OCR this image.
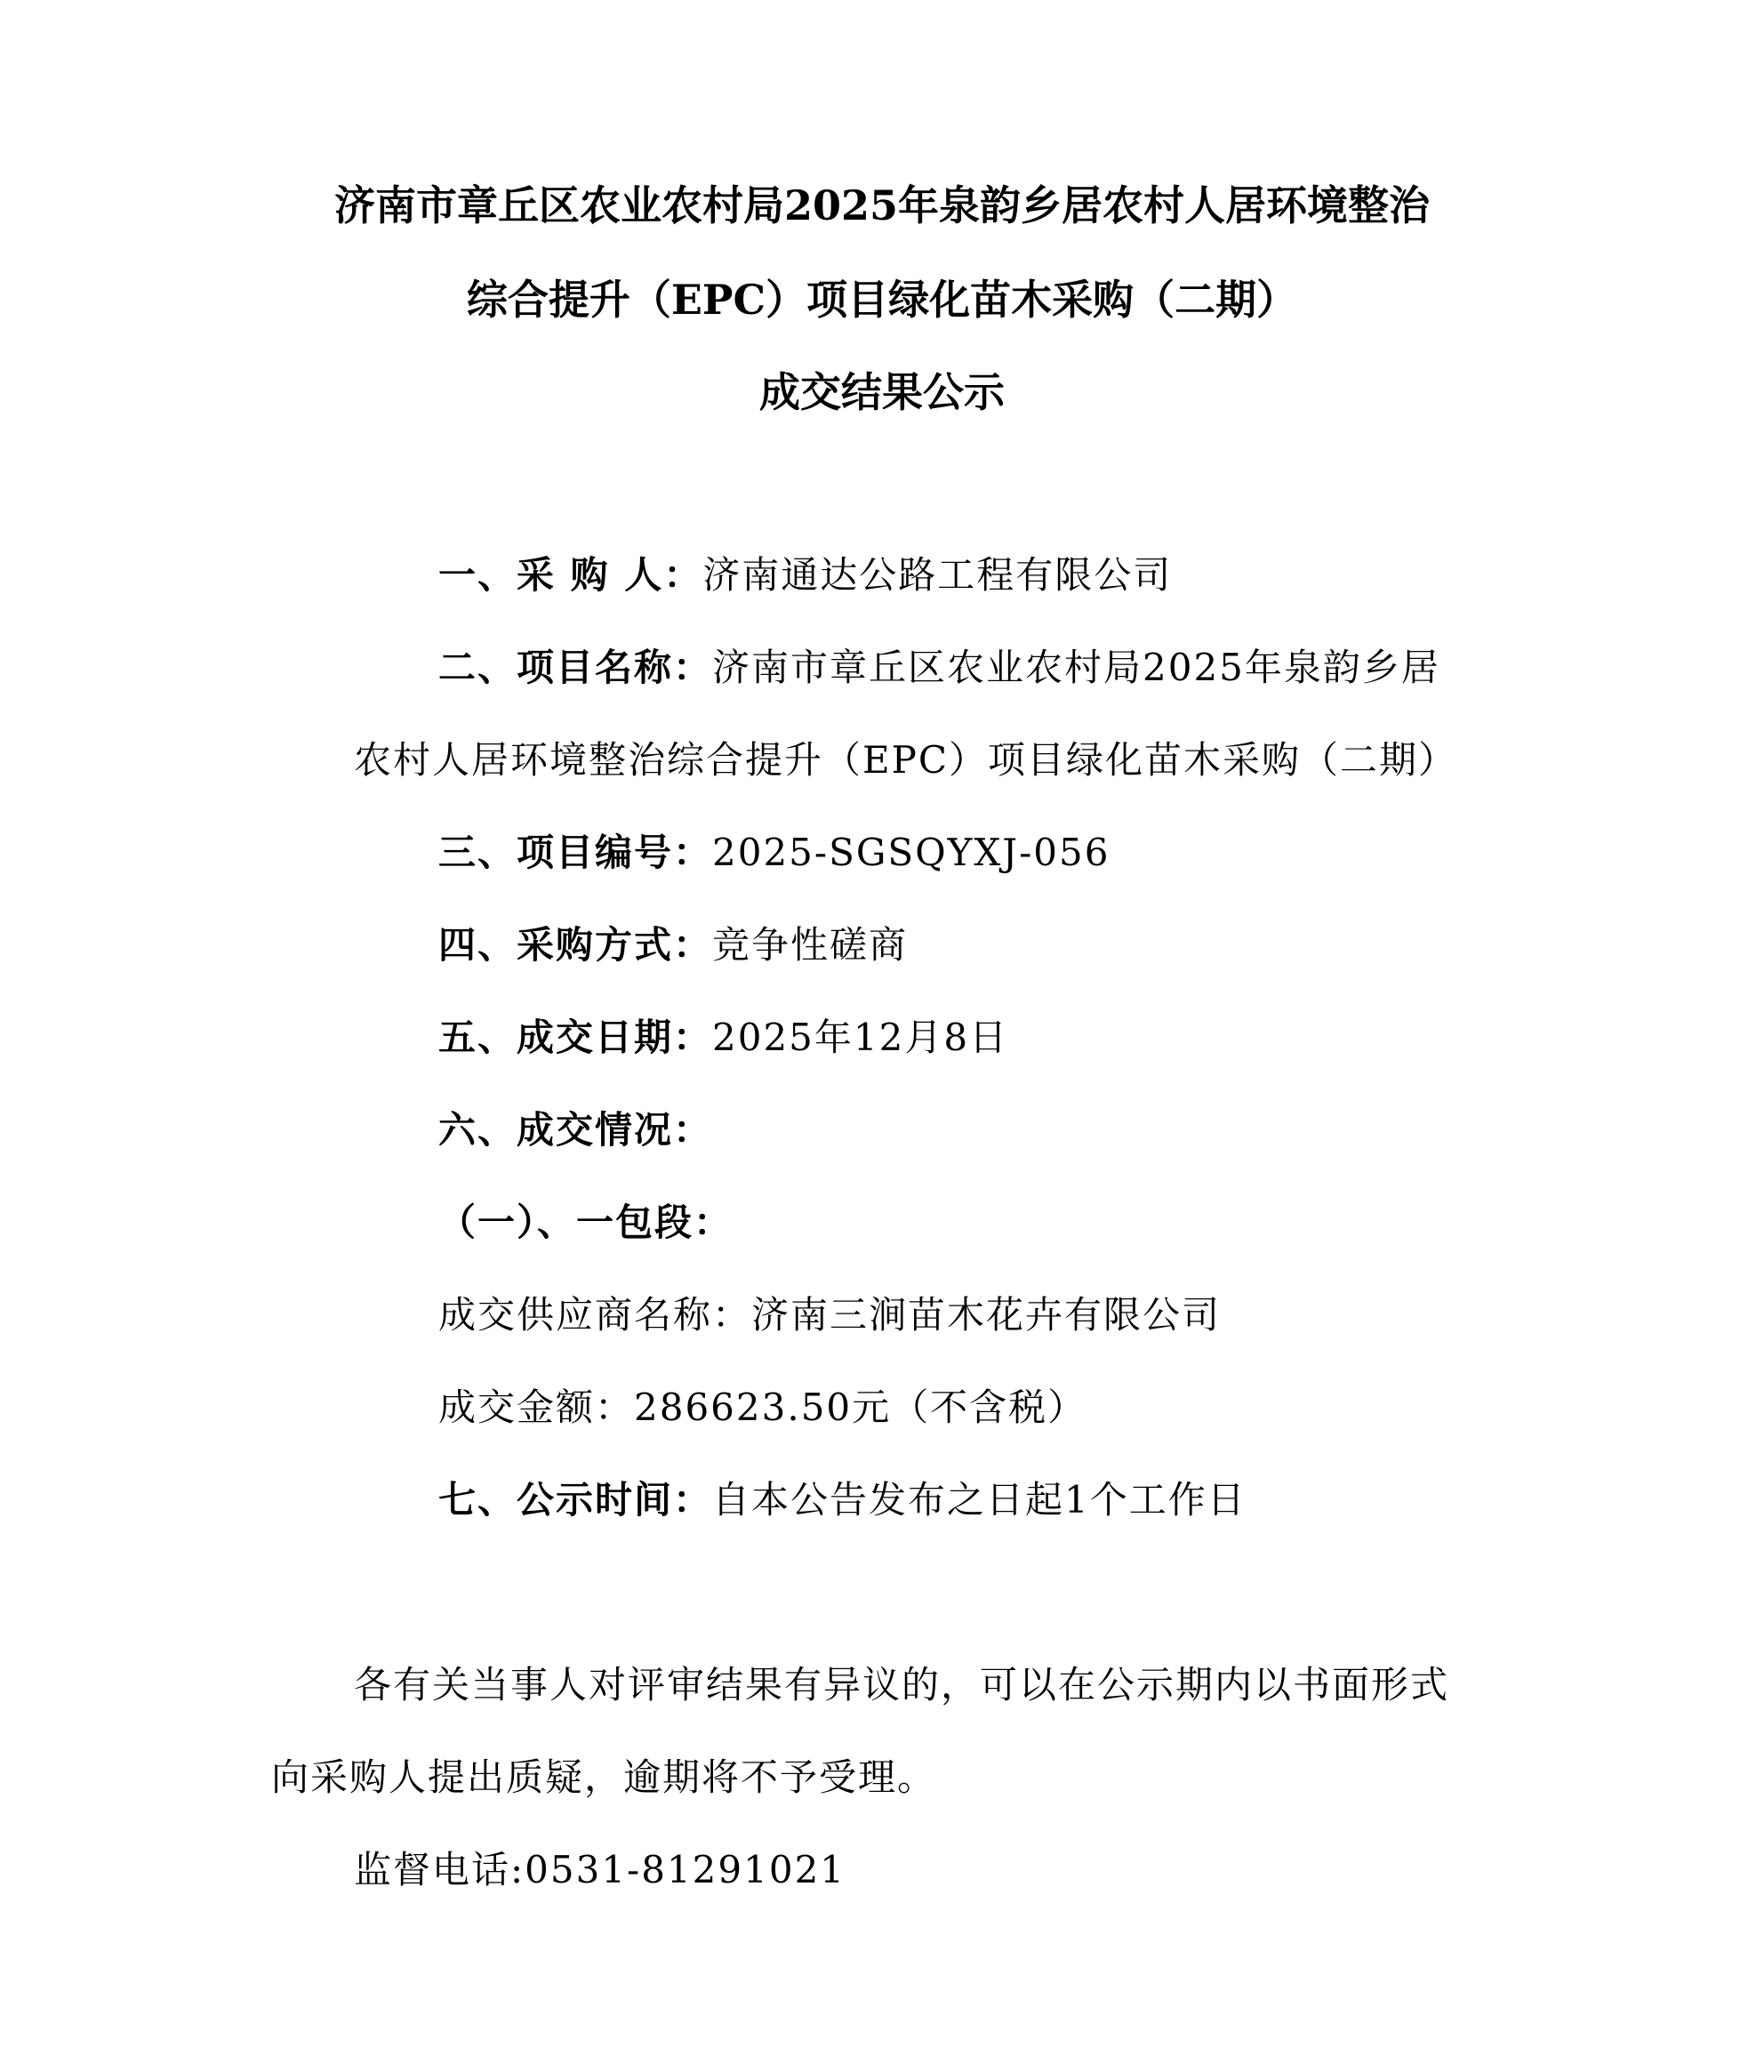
济南市章丘区农业农村局2025年泉韵乡居农村人居环境整治
综合提升（EPC）项目绿化苗木采购（二期）
成交结果公示
一、采 购 人：济南通达公路工程有限公司
二、项目名称：济南市章丘区农业农村局2025年泉韵乡居
农村人居环境整治综合提升（EPC）项目绿化苗木采购（二期）
三、项目编号：2025-SGSQYXJ-056
四、采购方式：竞争性磋商
五、成交日期：2025年12月8日
六、成交情况：
（一）、一包段：
成交供应商名称：济南三涧苗木花卉有限公司
成交金额：286623.50元（不含税）
七、公示时间：自本公告发布之日起1个工作日
各有关当事人对评审结果有异议的，可以在公示期内以书面形式
向采购人提出质疑，逾期将不予受理。
监督电话:0531-81291021
